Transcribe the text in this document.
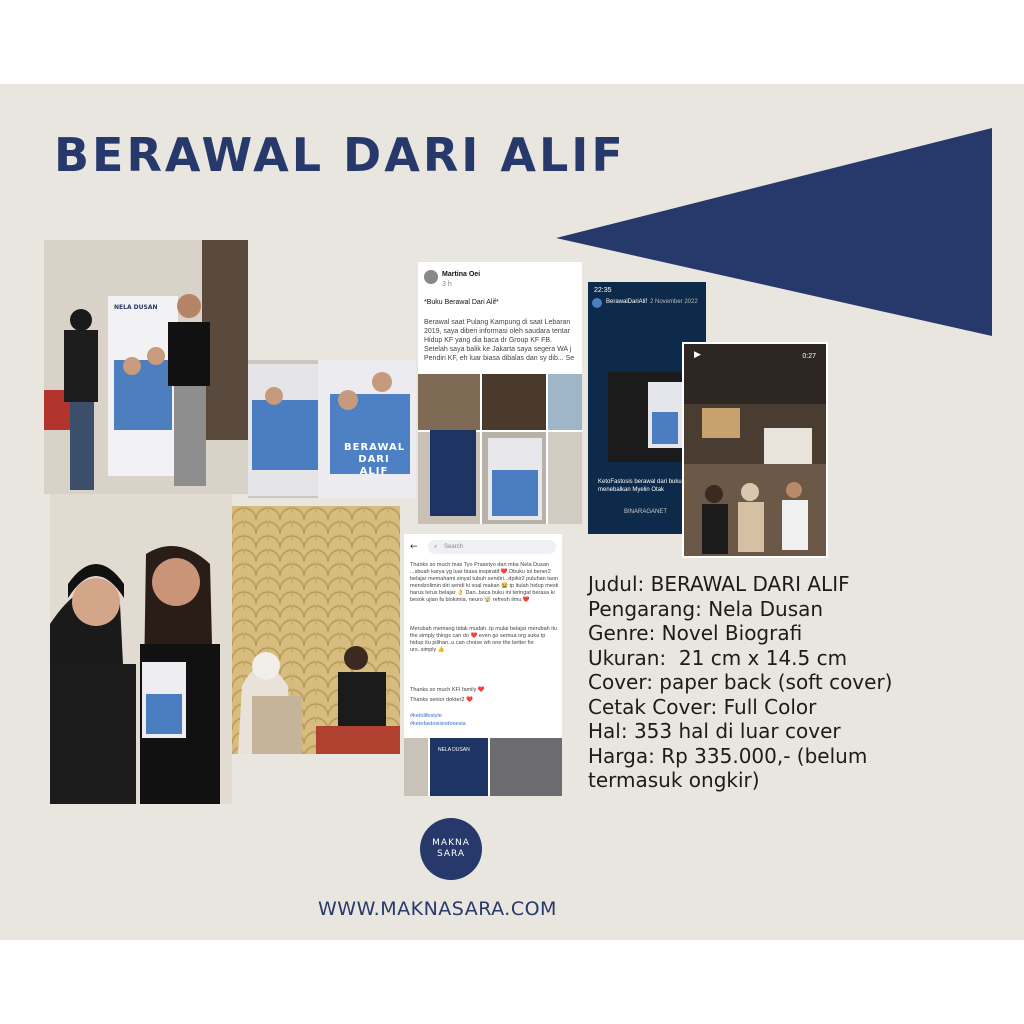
BERAWAL DARI ALIF
NELA DUSAN
BERAWAL DARI ALIF
Martina Oei
3 h
*Buku Berawal Dari Alif*
Berawal saat Pulang Kampung di saat Lebaran
2019, saya diberi informasi oleh saudara tentar
Hidup KF yang dia baca dr Group KF FB.
Setelah saya balik ke Jakarta saya segera WA j
Pendiri KF, eh luar biasa dibalas dan sy dib... Se
22:35
BerawalDariAlif 2 November 2022
KetoFastosis berawal dari buku menebalkan Myelin Otak
BINARAGANET
▶	0:27
←	⌕ Search
Thanks so much mas Tyo Prasetyo dan mba Nela Dusan ...sbuah karya yg luar biasa inspiratif ❤️ Dbuku ini bener2 belajar memahami sinyal tubuh sendiri...dpikir2 puluhan taon mendzolimin diri sendi ki soal makan 😭 tp itulah hidup mesti harus terus belajar 👌 Dan..baca buku ini teringat berasa ki besok ujian fa biokimia, neuro 🤯 refresh ilmu ❤️
Merubah memang tidak mudah..tp mulai belajar merubah itu the simply things can do ❤️ even go semua org suka tp hidup itu pilihan..u can choise wh one the better for urs..simply 👍
Thanks so much KFI family ❤️
Thanks senior dokter2 ❤️
#ketolifestyle
#ketofastosisindonesia
NELA DUSAN
Judul: BERAWAL DARI ALIF
Pengarang: Nela Dusan
Genre: Novel Biografi
Ukuran:  21 cm x 14.5 cm
Cover: paper back (soft cover)
Cetak Cover: Full Color
Hal: 353 hal di luar cover
Harga: Rp 335.000,- (belum
termasuk ongkir)
MAKNA
SARA
WWW.MAKNASARA.COM
